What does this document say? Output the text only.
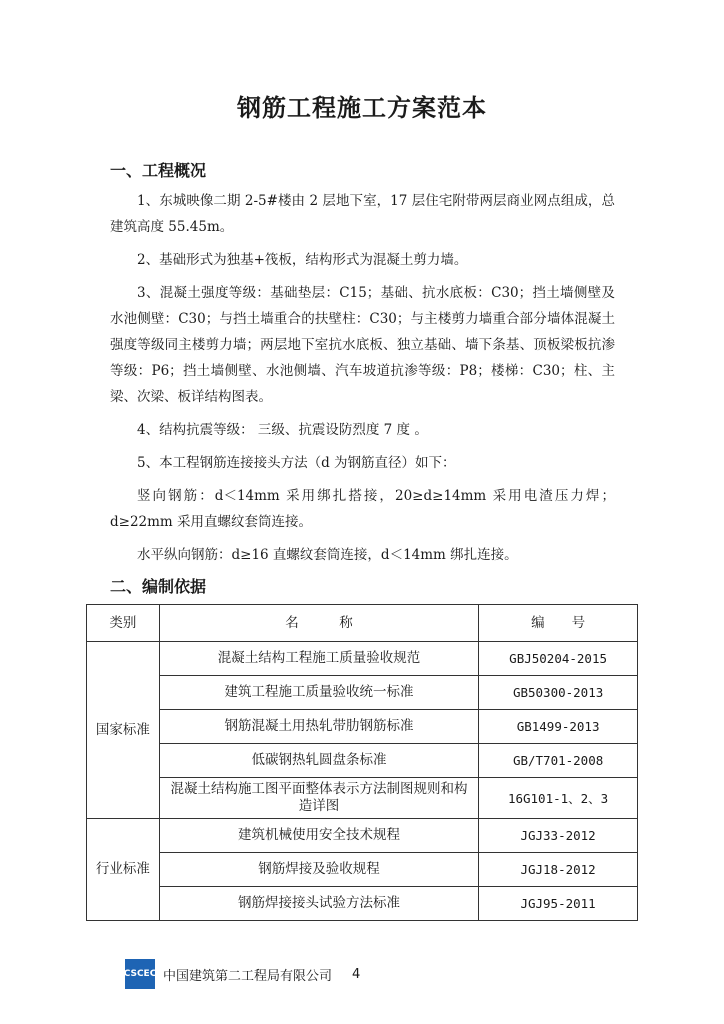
钢筋工程施工方案范本
一、工程概况

1、东城映像二期 2-5#楼由 2 层地下室，17 层住宅附带两层商业网点组成，总建筑高度 55.45m。

2、基础形式为独基+筏板，结构形式为混凝土剪力墙。

3、混凝土强度等级：基础垫层：C15；基础、抗水底板：C30；挡土墙侧壁及水池侧壁：C30；与挡土墙重合的扶壁柱：C30；与主楼剪力墙重合部分墙体混凝土强度等级同主楼剪力墙；两层地下室抗水底板、独立基础、墙下条基、顶板梁板抗渗等级：P6；挡土墙侧壁、水池侧墙、汽车坡道抗渗等级：P8；楼梯：C30；柱、主梁、次梁、板详结构图表。

4、结构抗震等级： 三级、抗震设防烈度 7 度 。

5、本工程钢筋连接接头方法（d 为钢筋直径）如下：

竖向钢筋：d＜14mm 采用绑扎搭接，20≥d≥14mm 采用电渣压力焊；d≥22mm 采用直螺纹套筒连接。

水平纵向钢筋：d≥16 直螺纹套筒连接，d＜14mm 绑扎连接。

二、编制依据
类别	名　　　称	编　　号
国家标准	混凝土结构工程施工质量验收规范	GBJ50204-2015
	建筑工程施工质量验收统一标准	GB50300-2013
	钢筋混凝土用热轧带肋钢筋标准	GB1499-2013
	低碳钢热轧圆盘条标准	GB/T701-2008
	混凝土结构施工图平面整体表示方法制图规则和构造详图	16G101-1、2、3
行业标准	建筑机械使用安全技术规程	JGJ33-2012
	钢筋焊接及验收规程	JGJ18-2012
	钢筋焊接接头试验方法标准	JGJ95-2011
CSCEC 中国建筑第二工程局有限公司 4
